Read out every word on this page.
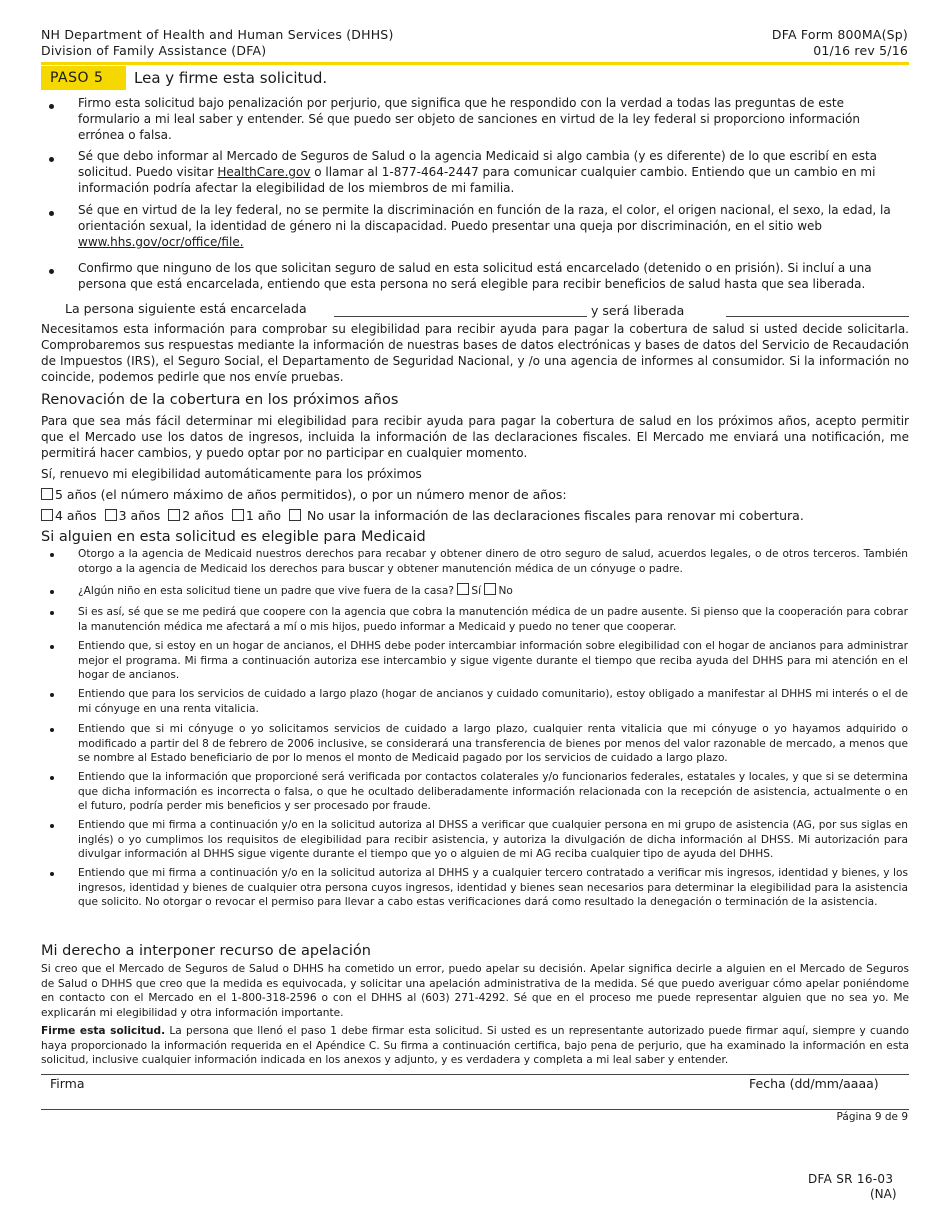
NH Department of Health and Human Services (DHHS)
Division of Family Assistance (DFA)
DFA Form 800MA(Sp)
01/16 rev 5/16
PASO 5	Lea y firme esta solicitud.
Firmo esta solicitud bajo penalización por perjurio, que significa que he respondido con la verdad a todas las preguntas de este formulario a mi leal saber y entender. Sé que puedo ser objeto de sanciones en virtud de la ley federal si proporciono información errónea o falsa.
Sé que debo informar al Mercado de Seguros de Salud o la agencia Medicaid si algo cambia (y es diferente) de lo que escribí en esta solicitud. Puedo visitar HealthCare.gov o llamar al 1-877-464-2447 para comunicar cualquier cambio. Entiendo que un cambio en mi información podría afectar la elegibilidad de los miembros de mi familia.
Sé que en virtud de la ley federal, no se permite la discriminación en función de la raza, el color, el origen nacional, el sexo, la edad, la orientación sexual, la identidad de género ni la discapacidad. Puedo presentar una queja por discriminación, en el sitio web www.hhs.gov/ocr/office/file.
Confirmo que ninguno de los que solicitan seguro de salud en esta solicitud está encarcelado (detenido o en prisión). Si incluí a una persona que está encarcelada, entiendo que esta persona no será elegible para recibir beneficios de salud hasta que sea liberada.
La persona siguiente está encarcelada	y será liberada
Necesitamos esta información para comprobar su elegibilidad para recibir ayuda para pagar la cobertura de salud si usted decide solicitarla. Comprobaremos sus respuestas mediante la información de nuestras bases de datos electrónicas y bases de datos del Servicio de Recaudación de Impuestos (IRS), el Seguro Social, el Departamento de Seguridad Nacional, y /o una agencia de informes al consumidor. Si la información no coincide, podemos pedirle que nos envíe pruebas.
Renovación de la cobertura en los próximos años
Para que sea más fácil determinar mi elegibilidad para recibir ayuda para pagar la cobertura de salud en los próximos años, acepto permitir que el Mercado use los datos de ingresos, incluida la información de las declaraciones fiscales. El Mercado me enviará una notificación, me permitirá hacer cambios, y puedo optar por no participar en cualquier momento.
Sí, renuevo mi elegibilidad automáticamente para los próximos
5 años (el número máximo de años permitidos), o por un número menor de años:
4 años 3 años 2 años 1 año No usar la información de las declaraciones fiscales para renovar mi cobertura.
Si alguien en esta solicitud es elegible para Medicaid
Otorgo a la agencia de Medicaid nuestros derechos para recabar y obtener dinero de otro seguro de salud, acuerdos legales, o de otros terceros. También otorgo a la agencia de Medicaid los derechos para buscar y obtener manutención médica de un cónyuge o padre.
¿Algún niño en esta solicitud tiene un padre que vive fuera de la casa? Sí No
Si es así, sé que se me pedirá que coopere con la agencia que cobra la manutención médica de un padre ausente. Si pienso que la cooperación para cobrar la manutención médica me afectará a mí o mis hijos, puedo informar a Medicaid y puedo no tener que cooperar.
Entiendo que, si estoy en un hogar de ancianos, el DHHS debe poder intercambiar información sobre elegibilidad con el hogar de ancianos para administrar mejor el programa. Mi firma a continuación autoriza ese intercambio y sigue vigente durante el tiempo que reciba ayuda del DHHS para mi atención en el hogar de ancianos.
Entiendo que para los servicios de cuidado a largo plazo (hogar de ancianos y cuidado comunitario), estoy obligado a manifestar al DHHS mi interés o el de mi cónyuge en una renta vitalicia.
Entiendo que si mi cónyuge o yo solicitamos servicios de cuidado a largo plazo, cualquier renta vitalicia que mi cónyuge o yo hayamos adquirido o modificado a partir del 8 de febrero de 2006 inclusive, se considerará una transferencia de bienes por menos del valor razonable de mercado, a menos que se nombre al Estado beneficiario de por lo menos el monto de Medicaid pagado por los servicios de cuidado a largo plazo.
Entiendo que la información que proporcioné será verificada por contactos colaterales y/o funcionarios federales, estatales y locales, y que si se determina que dicha información es incorrecta o falsa, o que he ocultado deliberadamente información relacionada con la recepción de asistencia, actualmente o en el futuro, podría perder mis beneficios y ser procesado por fraude.
Entiendo que mi firma a continuación y/o en la solicitud autoriza al DHSS a verificar que cualquier persona en mi grupo de asistencia (AG, por sus siglas en inglés) o yo cumplimos los requisitos de elegibilidad para recibir asistencia, y autoriza la divulgación de dicha información al DHSS. Mi autorización para divulgar información al DHHS sigue vigente durante el tiempo que yo o alguien de mi AG reciba cualquier tipo de ayuda del DHHS.
Entiendo que mi firma a continuación y/o en la solicitud autoriza al DHHS y a cualquier tercero contratado a verificar mis ingresos, identidad y bienes, y los ingresos, identidad y bienes de cualquier otra persona cuyos ingresos, identidad y bienes sean necesarios para determinar la elegibilidad para la asistencia que solicito. No otorgar o revocar el permiso para llevar a cabo estas verificaciones dará como resultado la denegación o terminación de la asistencia.
Mi derecho a interponer recurso de apelación
Si creo que el Mercado de Seguros de Salud o DHHS ha cometido un error, puedo apelar su decisión. Apelar significa decirle a alguien en el Mercado de Seguros de Salud o DHHS que creo que la medida es equivocada, y solicitar una apelación administrativa de la medida. Sé que puedo averiguar cómo apelar poniéndome en contacto con el Mercado en el 1-800-318-2596 o con el DHHS al (603) 271-4292. Sé que en el proceso me puede representar alguien que no sea yo. Me explicarán mi elegibilidad y otra información importante.
Firme esta solicitud. La persona que llenó el paso 1 debe firmar esta solicitud. Si usted es un representante autorizado puede firmar aquí, siempre y cuando haya proporcionado la información requerida en el Apéndice C. Su firma a continuación certifica, bajo pena de perjurio, que ha examinado la información en esta solicitud, inclusive cualquier información indicada en los anexos y adjunto, y es verdadera y completa a mi leal saber y entender.
Firma	Fecha (dd/mm/aaaa)
Página 9 de 9
DFA SR 16-03
(NA)
